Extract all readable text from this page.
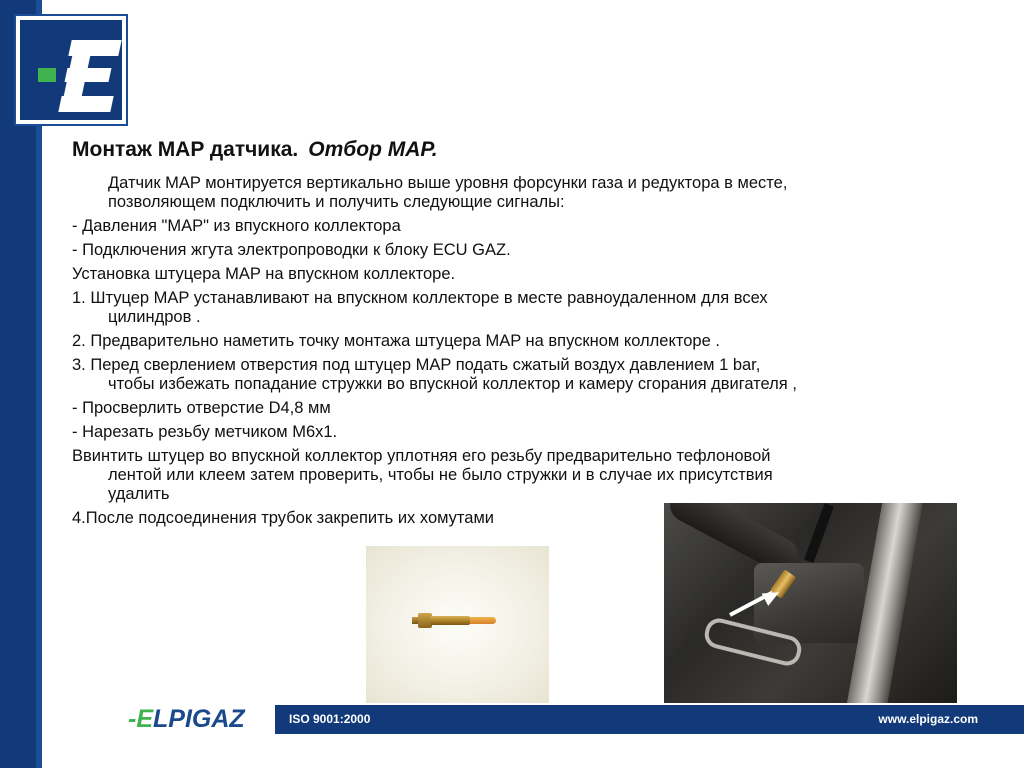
Монтаж MAP датчика. Отбор MAP.
Датчик MAP монтируется вертикально выше уровня форсунки газа и редуктора в месте,
позволяющем подключить и получить следующие сигналы:
- Давления "MAP" из впускного коллектора
- Подключения жгута электропроводки к блоку ECU GAZ.
Установка штуцера MAP на впускном коллекторе.
1. Штуцер MAP устанавливают на впускном коллекторе в месте равноудаленном для всех
цилиндров .
2. Предварительно наметить точку монтажа штуцера MAP на впускном коллекторе .
3. Перед сверлением отверстия под штуцер MAP подать сжатый воздух давлением 1 bar,
чтобы избежать попадание стружки во впускной коллектор и камеру сгорания двигателя ,
- Просверлить отверстие D4,8 мм
- Нарезать резьбу метчиком M6x1.
Ввинтить штуцер во впускной коллектор уплотняя его резьбу предварительно тефлоновой
лентой или клеем затем проверить, чтобы не было стружки и в случае их присутствия
удалить
4.После подсоединения трубок закрепить их хомутами
-ELPIGAZ	ISO 9001:2000	www.elpigaz.com
